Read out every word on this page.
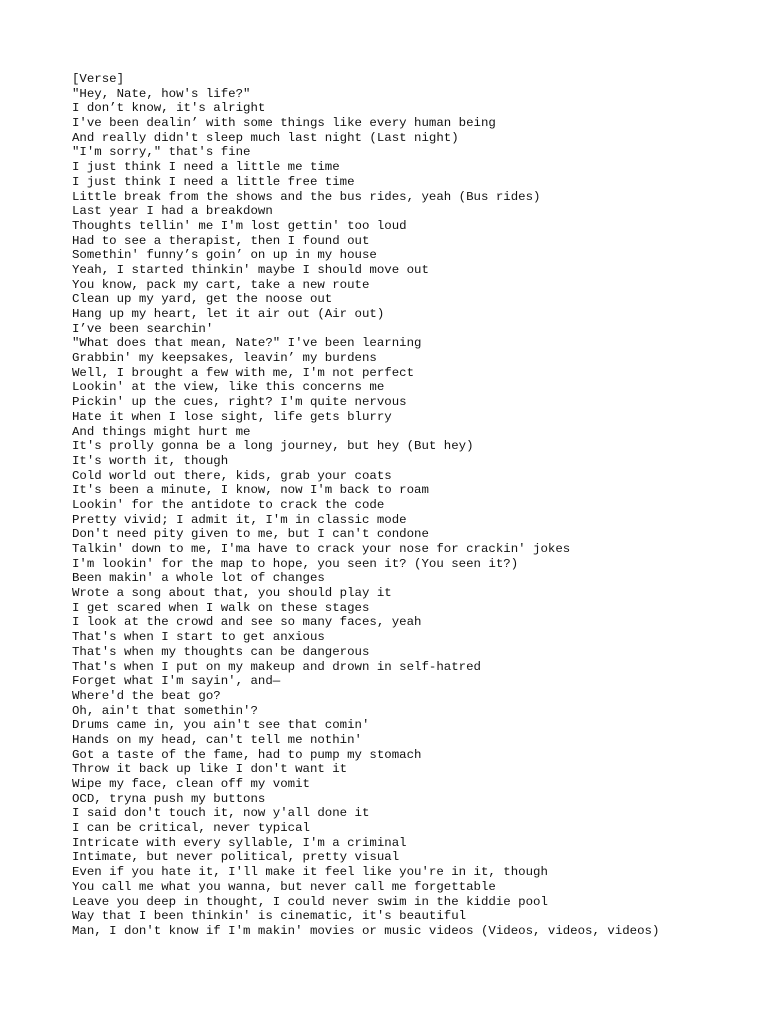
[Verse]
"Hey, Nate, how's life?"
I don’t know, it's alright
I've been dealin’ with some things like every human being
And really didn't sleep much last night (Last night)
"I'm sorry," that's fine
I just think I need a little me time
I just think I need a little free time
Little break from the shows and the bus rides, yeah (Bus rides)
Last year I had a breakdown
Thoughts tellin' me I'm lost gettin' too loud
Had to see a therapist, then I found out
Somethin' funny’s goin’ on up in my house
Yeah, I started thinkin' maybe I should move out
You know, pack my cart, take a new route
Clean up my yard, get the noose out
Hang up my heart, let it air out (Air out)
I’ve been searchin'
"What does that mean, Nate?" I've been learning
Grabbin' my keepsakes, leavin’ my burdens
Well, I brought a few with me, I'm not perfect
Lookin' at the view, like this concerns me
Pickin' up the cues, right? I'm quite nervous
Hate it when I lose sight, life gets blurry
And things might hurt me
It's prolly gonna be a long journey, but hey (But hey)
It's worth it, though
Cold world out there, kids, grab your coats
It's been a minute, I know, now I'm back to roam
Lookin' for the antidote to crack the code
Pretty vivid; I admit it, I'm in classic mode
Don't need pity given to me, but I can't condone
Talkin' down to me, I'ma have to crack your nose for crackin' jokes
I'm lookin' for the map to hope, you seen it? (You seen it?)
Been makin' a whole lot of changes
Wrote a song about that, you should play it
I get scared when I walk on these stages
I look at the crowd and see so many faces, yeah
That's when I start to get anxious
That's when my thoughts can be dangerous
That's when I put on my makeup and drown in self-hatred
Forget what I'm sayin', and—
Where'd the beat go?
Oh, ain't that somethin'?
Drums came in, you ain't see that comin'
Hands on my head, can't tell me nothin'
Got a taste of the fame, had to pump my stomach
Throw it back up like I don't want it
Wipe my face, clean off my vomit
OCD, tryna push my buttons
I said don't touch it, now y'all done it
I can be critical, never typical
Intricate with every syllable, I'm a criminal
Intimate, but never political, pretty visual
Even if you hate it, I'll make it feel like you're in it, though
You call me what you wanna, but never call me forgettable
Leave you deep in thought, I could never swim in the kiddie pool
Way that I been thinkin' is cinematic, it's beautiful
Man, I don't know if I'm makin' movies or music videos (Videos, videos, videos)
